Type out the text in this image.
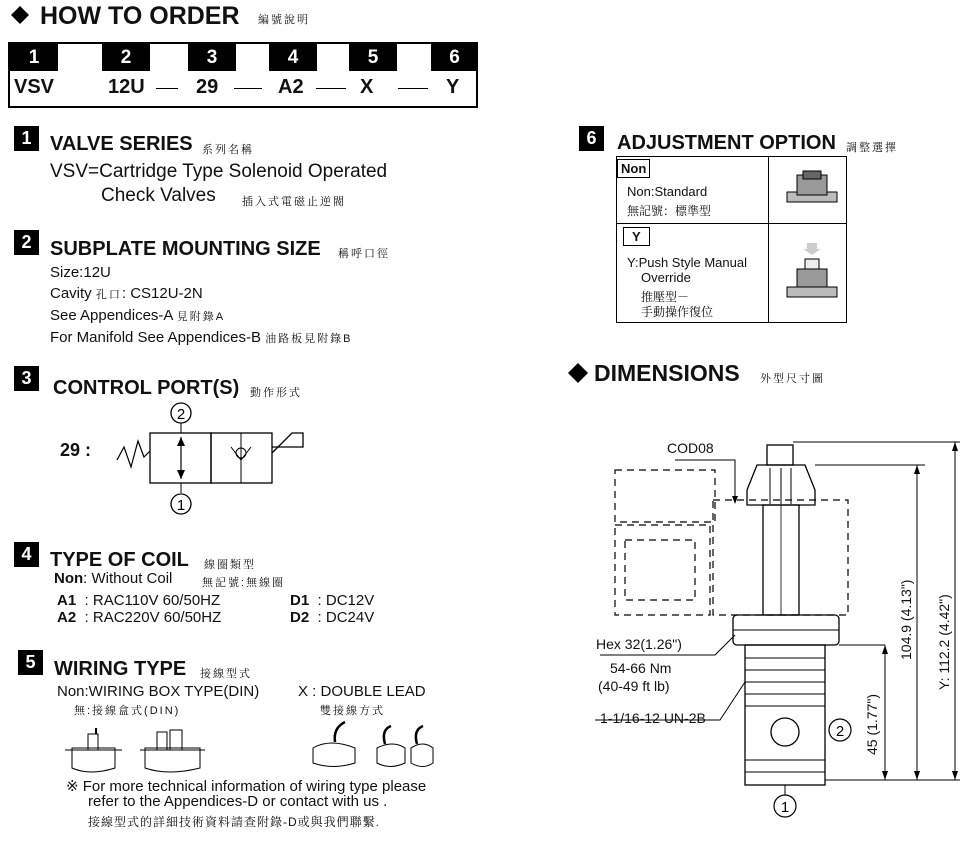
HOW TO ORDER 編號說明
1	2	3	4	5	6
VSV	12U	29	A2	X	Y
1 VALVE SERIES 系列名稱
VSV=Cartridge Type Solenoid Operated
Check Valves 插入式電磁止逆閥
2 SUBPLATE MOUNTING SIZE 稱呼口徑
Size:12U
Cavity 孔口: CS12U-2N
See Appendices-A 見附錄A
For Manifold See Appendices-B 油路板見附錄B
3	CONTROL PORT(S) 動作形式
29 :
2
1
4 TYPE OF COIL 線圈類型
Non: Without Coil	無記號:無線圈
A1 : RAC110V 60/50HZ
A2 : RAC220V 60/50HZ
D1 : DC12V
D2 : DC24V
5 WIRING TYPE 接線型式
Non:WIRING BOX TYPE(DIN)
無:接線盒式(DIN)
X : DOUBLE LEAD
雙接線方式
※ For more technical information of wiring type please
refer to the Appendices-D or contact with us .
接線型式的詳細技術資料請查附錄-D或與我們聯繫.
6	ADJUSTMENT OPTION 調整選擇
Non
Non:Standard
無記號：標準型
Y
Y:Push Style Manual
Override
推壓型－
手動操作復位
DIMENSIONS 外型尺寸圖
2
1
COD08
Hex 32(1.26")
54-66 Nm
(40-49 ft lb)
1-1/16-12 UN-2B	45 (1.77")
104.9 (4.13") Y: 112.2 (4.42")
